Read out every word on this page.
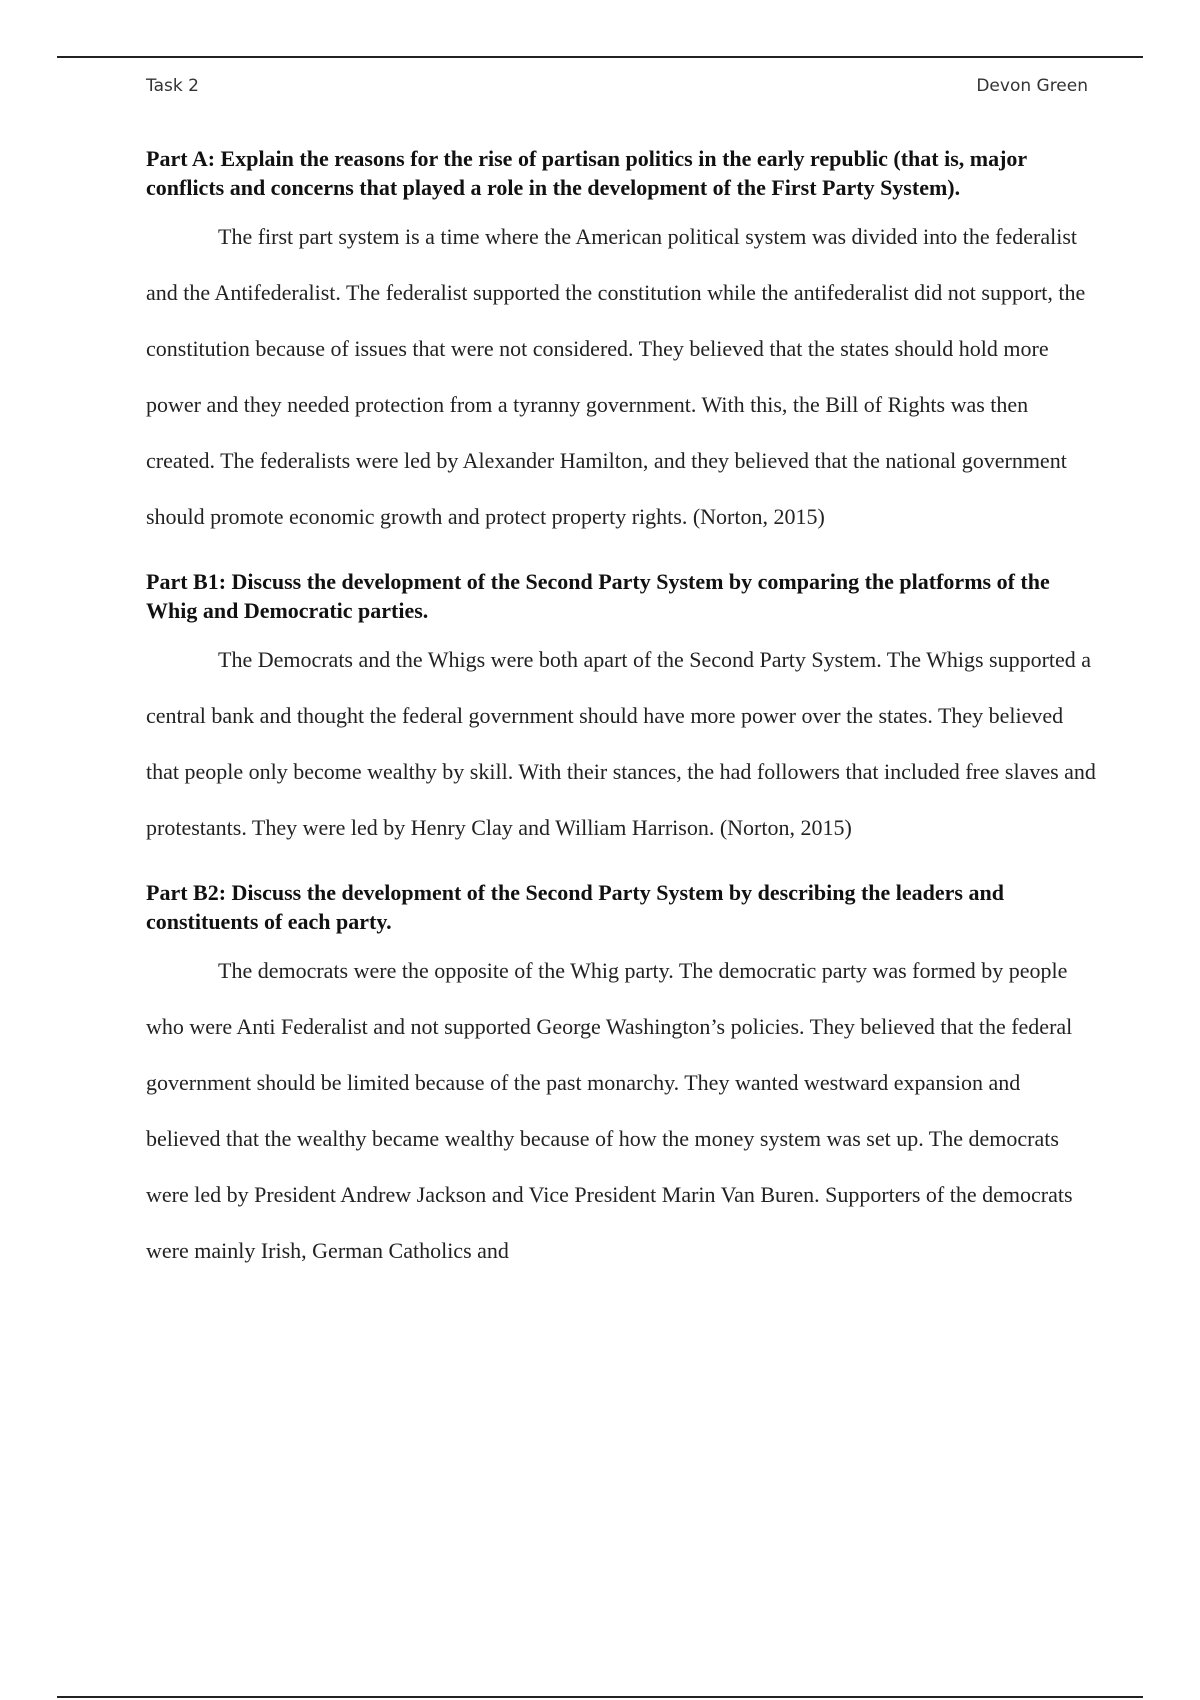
Task 2	Devon Green

Part A: Explain the reasons for the rise of partisan politics in the early republic (that is, major conflicts and concerns that played a role in the development of the First Party System).

The first part system is a time where the American political system was divided into the federalist and the Antifederalist. The federalist supported the constitution while the antifederalist did not support, the constitution because of issues that were not considered. They believed that the states should hold more power and they needed protection from a tyranny government. With this, the Bill of Rights was then created. The federalists were led by Alexander Hamilton, and they believed that the national government should promote economic growth and protect property rights. (Norton, 2015)

Part B1: Discuss the development of the Second Party System by comparing the platforms of the Whig and Democratic parties.

The Democrats and the Whigs were both apart of the Second Party System. The Whigs supported a central bank and thought the federal government should have more power over the states. They believed that people only become wealthy by skill. With their stances, the had followers that included free slaves and protestants. They were led by Henry Clay and William Harrison. (Norton, 2015)

Part B2: Discuss the development of the Second Party System by describing the leaders and constituents of each party.

The democrats were the opposite of the Whig party. The democratic party was formed by people who were Anti Federalist and not supported George Washington’s policies. They believed that the federal government should be limited because of the past monarchy. They wanted westward expansion and believed that the wealthy became wealthy because of how the money system was set up. The democrats were led by President Andrew Jackson and Vice President Marin Van Buren. Supporters of the democrats were mainly Irish, German Catholics and
